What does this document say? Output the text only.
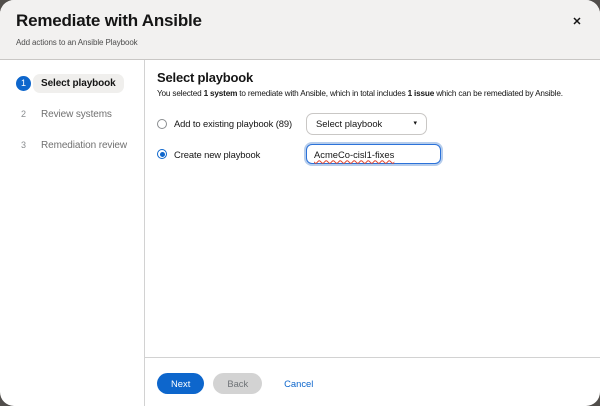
Remediate with Ansible

Add actions to an Ansible Playbook

✕
1	Select playbook
2	Review systems
3	Remediation review
Select playbook

You selected 1 system to remediate with Ansible, which in total includes 1 issue which can be remediated by Ansible.

Add to existing playbook (89)	Select playbook	▾
Create new playbook	AcmeCo-cisl1-fixes
Next	Back	Cancel
